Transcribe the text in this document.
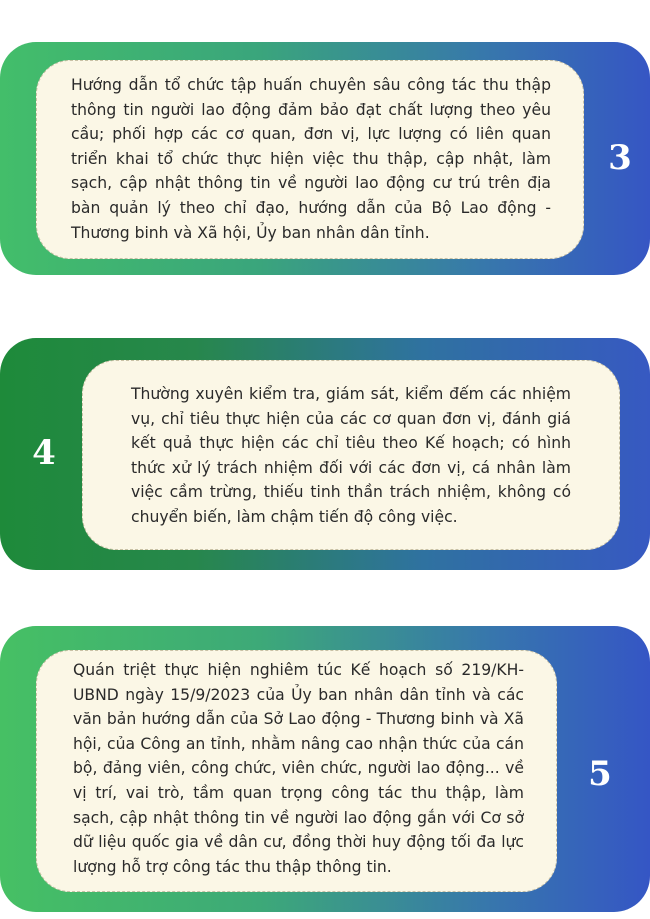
Hướng dẫn tổ chức tập huấn chuyên sâu công tác thu thập thông tin người lao động đảm bảo đạt chất lượng theo yêu cầu; phối hợp các cơ quan, đơn vị, lực lượng có liên quan triển khai tổ chức thực hiện việc thu thập, cập nhật, làm sạch, cập nhật thông tin về người lao động cư trú trên địa bàn quản lý theo chỉ đạo, hướng dẫn của Bộ Lao động - Thương binh và Xã hội, Ủy ban nhân dân tỉnh.
3
4
Thường xuyên kiểm tra, giám sát, kiểm đếm các nhiệm vụ, chỉ tiêu thực hiện của các cơ quan đơn vị, đánh giá kết quả thực hiện các chỉ tiêu theo Kế hoạch; có hình thức xử lý trách nhiệm đối với các đơn vị, cá nhân làm việc cầm trừng, thiếu tinh thần trách nhiệm, không có chuyển biến, làm chậm tiến độ công việc.
Quán triệt thực hiện nghiêm túc Kế hoạch số 219/KH-UBND ngày 15/9/2023 của Ủy ban nhân dân tỉnh và các văn bản hướng dẫn của Sở Lao động - Thương binh và Xã hội, của Công an tỉnh, nhằm nâng cao nhận thức của cán bộ, đảng viên, công chức, viên chức, người lao động... về vị trí, vai trò, tầm quan trọng công tác thu thập, làm sạch, cập nhật thông tin về người lao động gắn với Cơ sở dữ liệu quốc gia về dân cư, đồng thời huy động tối đa lực lượng hỗ trợ công tác thu thập thông tin.
5
